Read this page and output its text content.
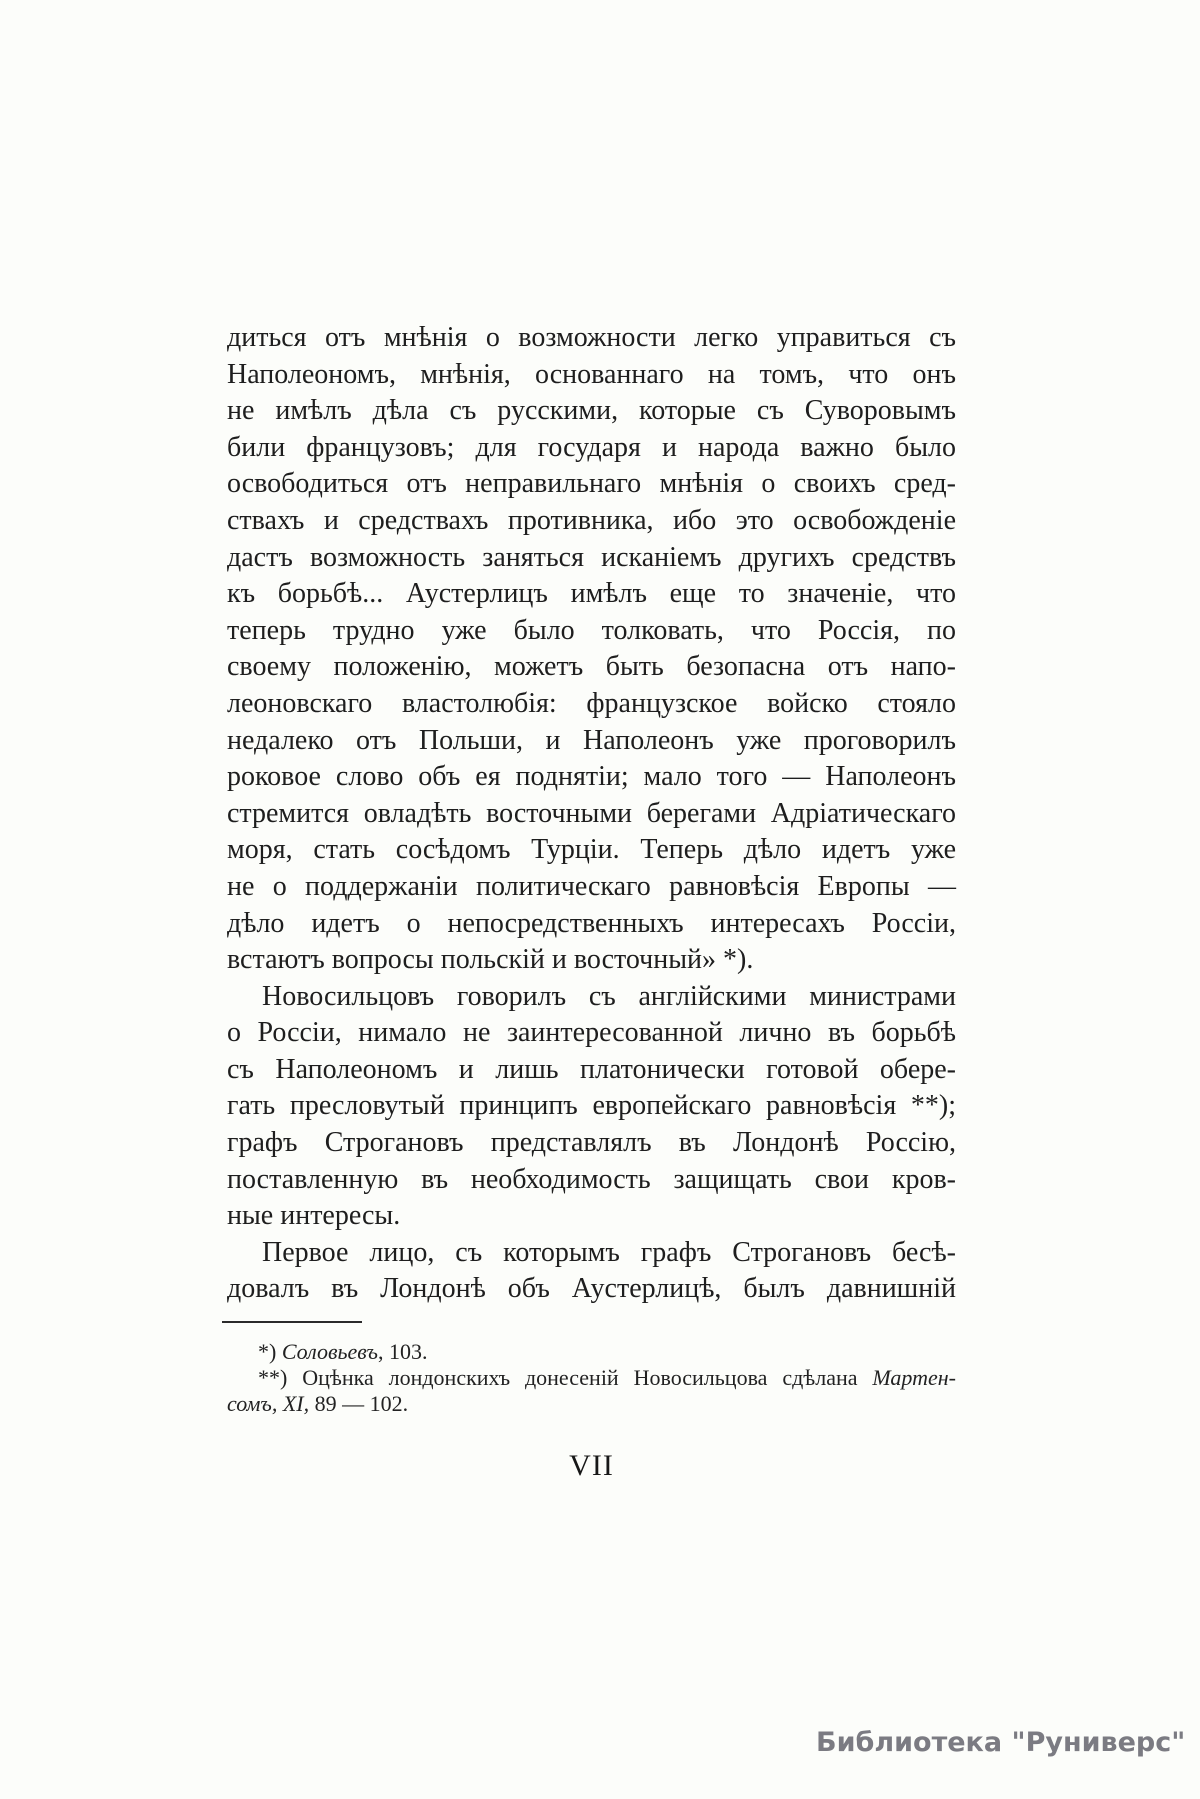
диться отъ мнѣнія о возможности легко управиться съ
Наполеономъ, мнѣнія, основаннаго на томъ, что онъ
не имѣлъ дѣла съ русскими, которые съ Суворовымъ
били французовъ; для государя и народа важно было
освободиться отъ неправильнаго мнѣнія о своихъ сред-
ствахъ и средствахъ противника, ибо это освобожденіе
дастъ возможность заняться исканіемъ другихъ средствъ
къ борьбѣ... Аустерлицъ имѣлъ еще то значеніе, что
теперь трудно уже было толковать, что Россія, по
своему положенію, можетъ быть безопасна отъ напо-
леоновскаго властолюбія: французское войско стояло
недалеко отъ Польши, и Наполеонъ уже проговорилъ
роковое слово объ ея поднятіи; мало того — Наполеонъ
стремится овладѣть восточными берегами Адріатическаго
моря, стать сосѣдомъ Турціи. Теперь дѣло идетъ уже
не о поддержаніи политическаго равновѣсія Европы —
дѣло идетъ о непосредственныхъ интересахъ Россіи,
встаютъ вопросы польскій и восточный» *).
Новосильцовъ говорилъ съ англійскими министрами
о Россіи, нимало не заинтересованной лично въ борьбѣ
съ Наполеономъ и лишь платонически готовой обере-
гать пресловутый принципъ европейскаго равновѣсія **);
графъ Строгановъ представлялъ въ Лондонѣ Россію,
поставленную въ необходимость защищать свои кров-
ные интересы.
Первое лицо, съ которымъ графъ Строгановъ бесѣ-
довалъ въ Лондонѣ объ Аустерлицѣ, былъ давнишній
*) Соловьевъ, 103.
**) Оцѣнка лондонскихъ донесеній Новосильцова сдѣлана Мартен-
сомъ, XI, 89 — 102.
VII
Библиотека "Руниверс"
